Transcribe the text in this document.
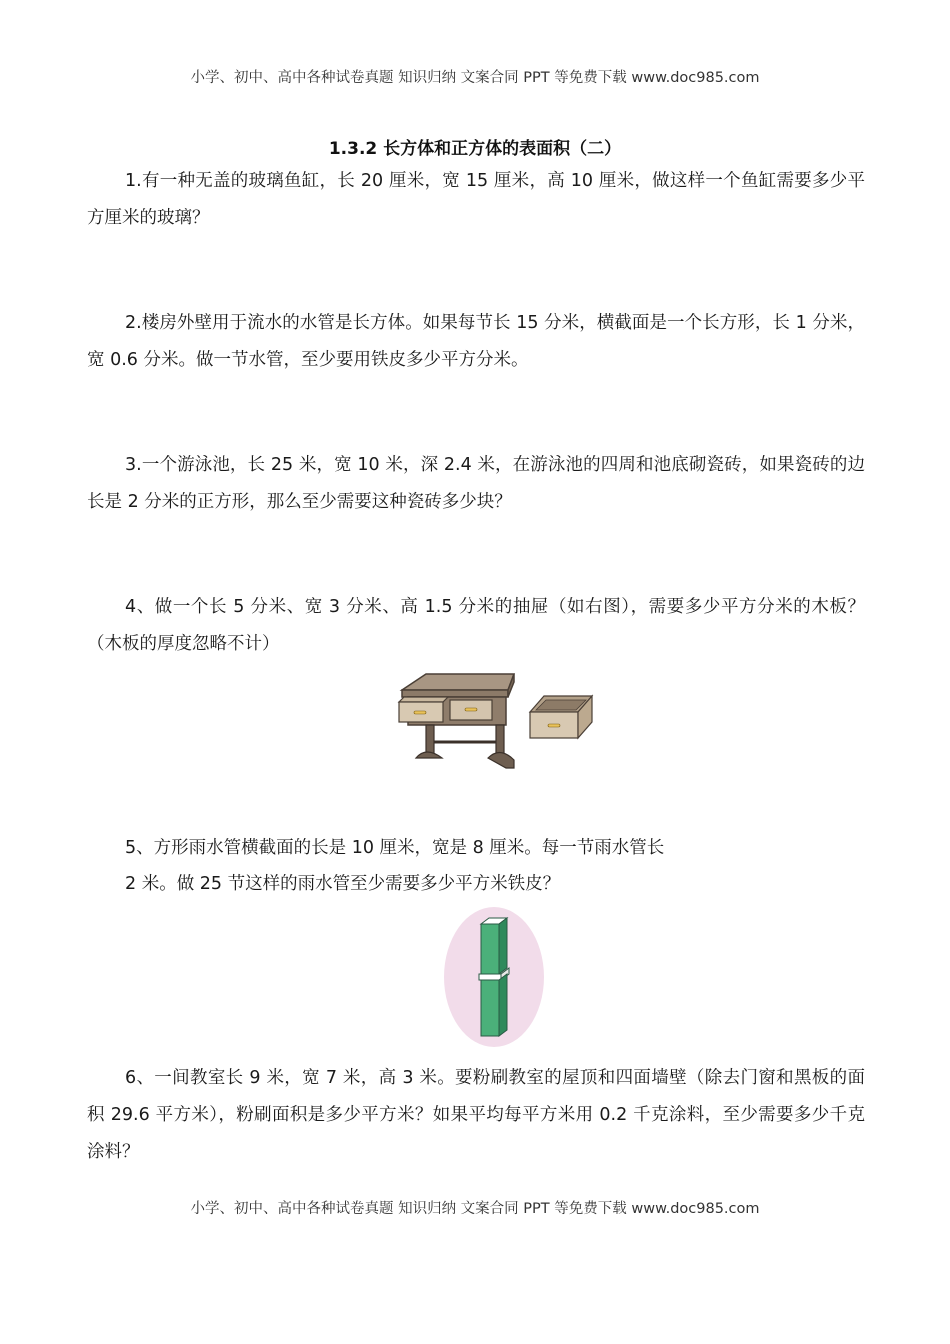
小学、初中、高中各种试卷真题 知识归纳 文案合同 PPT 等免费下载 www.doc985.com
1.3.2 长方体和正方体的表面积（二）
1.有一种无盖的玻璃鱼缸，长 20 厘米，宽 15 厘米，高 10 厘米，做这样一个鱼缸需要多少平方厘米的玻璃？
2.楼房外壁用于流水的水管是长方体。如果每节长 15 分米，横截面是一个长方形，长 1 分米，宽 0.6 分米。做一节水管，至少要用铁皮多少平方分米。
3.一个游泳池，长 25 米，宽 10 米，深 2.4 米，在游泳池的四周和池底砌瓷砖，如果瓷砖的边长是 2 分米的正方形，那么至少需要这种瓷砖多少块？
4、做一个长 5 分米、宽 3 分米、高 1.5 分米的抽屉（如右图），需要多少平方分米的木板？（木板的厚度忽略不计）
5、方形雨水管横截面的长是 10 厘米，宽是 8 厘米。每一节雨水管长
2 米。做 25 节这样的雨水管至少需要多少平方米铁皮？
6、一间教室长 9 米，宽 7 米，高 3 米。要粉刷教室的屋顶和四面墙壁（除去门窗和黑板的面积 29.6 平方米），粉刷面积是多少平方米？如果平均每平方米用 0.2 千克涂料，至少需要多少千克涂料？
小学、初中、高中各种试卷真题 知识归纳 文案合同 PPT 等免费下载 www.doc985.com
